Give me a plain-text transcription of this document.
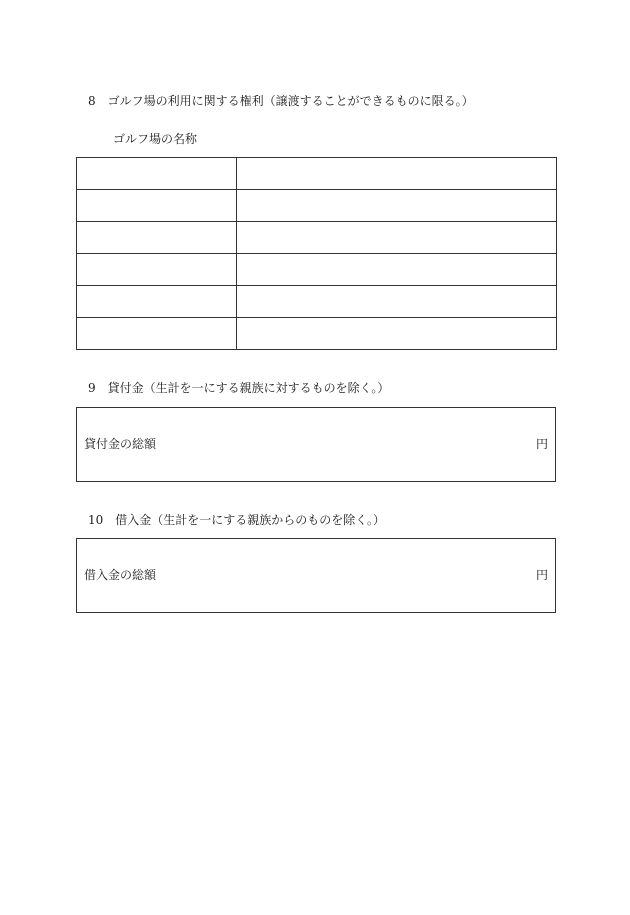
8　ゴルフ場の利用に関する権利（譲渡することができるものに限る。）
ゴルフ場の名称

9　貸付金（生計を一にする親族に対するものを除く。）
貸付金の総額	円
10　借入金（生計を一にする親族からのものを除く。）
借入金の総額	円
